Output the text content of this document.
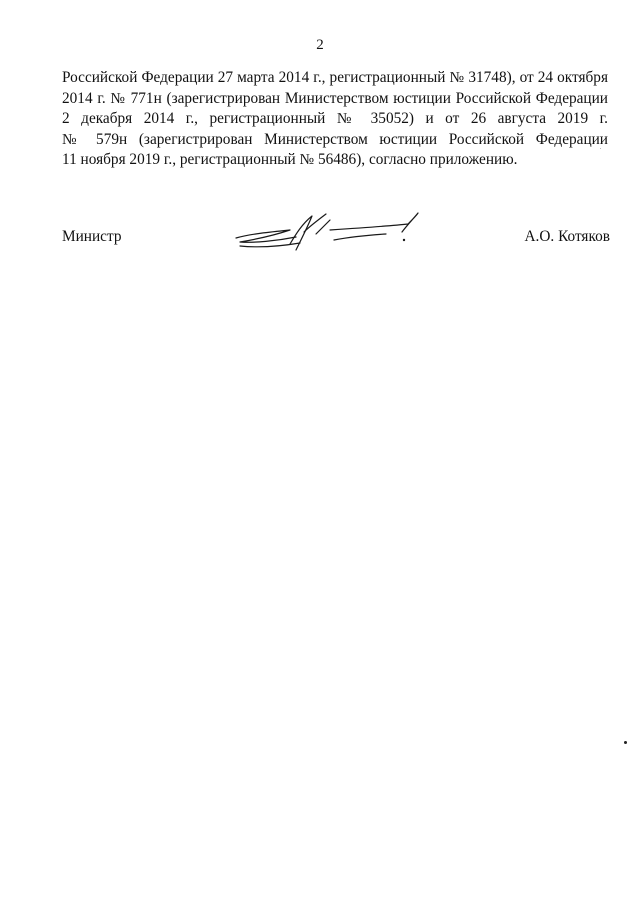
2
Российской Федерации 27 марта 2014 г., регистрационный № 31748), от 24 октября
2014 г. № 771н (зарегистрирован Министерством юстиции Российской Федерации
2 декабря 2014 г., регистрационный № 35052) и от 26 августа 2019 г.
№ 579н (зарегистрирован Министерством юстиции Российской Федерации
11 ноября 2019 г., регистрационный № 56486), согласно приложению.
Министр	А.О. Котяков
